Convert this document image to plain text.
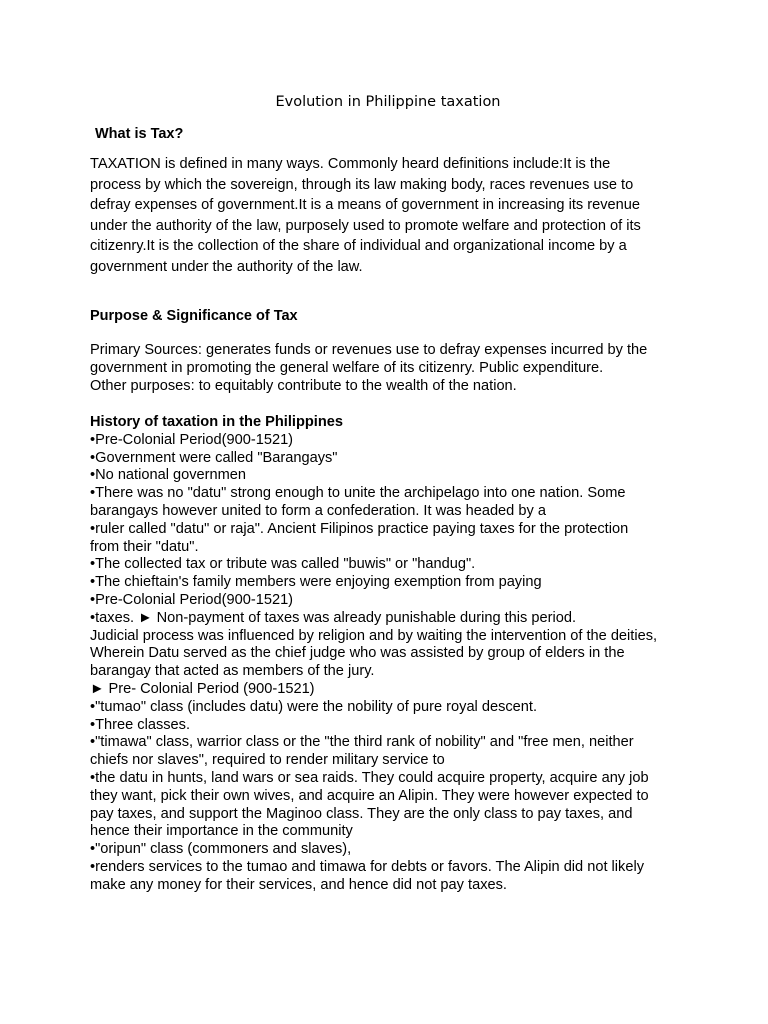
Evolution in Philippine taxation
What is Tax?
TAXATION is defined in many ways. Commonly heard definitions include:It is the
process by which the sovereign, through its law making body, races revenues use to
defray expenses of government.It is a means of government in increasing its revenue
under the authority of the law, purposely used to promote welfare and protection of its
citizenry.It is the collection of the share of individual and organizational income by a
government under the authority of the law.
Purpose & Significance of Tax
Primary Sources: generates funds or revenues use to defray expenses incurred by the
government in promoting the general welfare of its citizenry. Public expenditure.
Other purposes: to equitably contribute to the wealth of the nation.
History of taxation in the Philippines
•Pre-Colonial Period(900-1521)
•Government were called "Barangays"
•No national governmen
•There was no "datu" strong enough to unite the archipelago into one nation. Some
barangays however united to form a confederation. It was headed by a
•ruler called "datu" or raja". Ancient Filipinos practice paying taxes for the protection
from their "datu".
•The collected tax or tribute was called "buwis" or "handug".
•The chieftain's family members were enjoying exemption from paying
•Pre-Colonial Period(900-1521)
•taxes. ► Non-payment of taxes was already punishable during this period.
Judicial process was influenced by religion and by waiting the intervention of the deities,
Wherein Datu served as the chief judge who was assisted by group of elders in the
barangay that acted as members of the jury.
► Pre- Colonial Period (900-1521)
•"tumao" class (includes datu) were the nobility of pure royal descent.
•Three classes.
•"timawa" class, warrior class or the "the third rank of nobility" and "free men, neither
chiefs nor slaves", required to render military service to
•the datu in hunts, land wars or sea raids. They could acquire property, acquire any job
they want, pick their own wives, and acquire an Alipin. They were however expected to
pay taxes, and support the Maginoo class. They are the only class to pay taxes, and
hence their importance in the community
•"oripun" class (commoners and slaves),
•renders services to the tumao and timawa for debts or favors. The Alipin did not likely
make any money for their services, and hence did not pay taxes.
